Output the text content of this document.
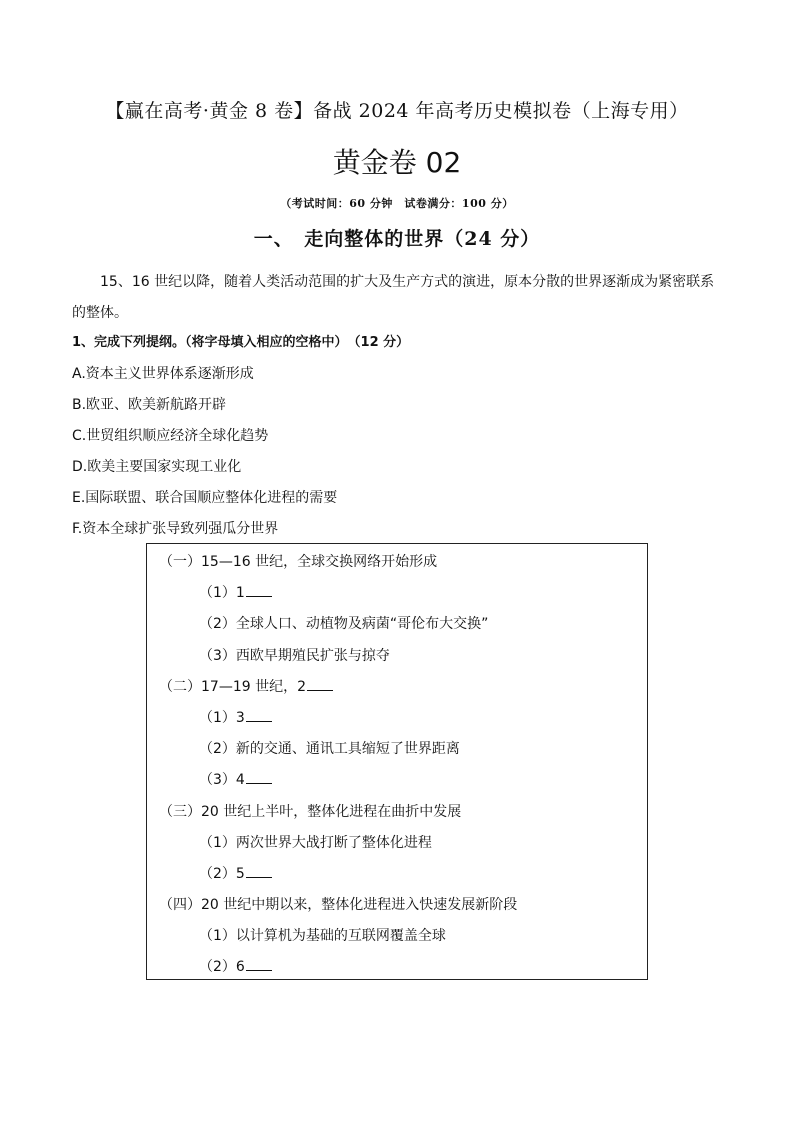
【赢在高考·黄金 8 卷】备战 2024 年高考历史模拟卷（上海专用）
黄金卷 02
（考试时间：60 分钟　试卷满分：100 分）
一、　走向整体的世界（24 分）
15、16 世纪以降，随着人类活动范围的扩大及生产方式的演进，原本分散的世界逐渐成为紧密联系的整体。
1、完成下列提纲。（将字母填入相应的空格中）　（12 分）
A.资本主义世界体系逐渐形成
B.欧亚、欧美新航路开辟
C.世贸组织顺应经济全球化趋势
D.欧美主要国家实现工业化
E.国际联盟、联合国顺应整体化进程的需要
F.资本全球扩张导致列强瓜分世界
（一）15—16 世纪，全球交换网络开始形成
（1）1
（2）全球人口、动植物及病菌“哥伦布大交换”
（3）西欧早期殖民扩张与掠夺
（二）17—19 世纪，2
（1）3
（2）新的交通、通讯工具缩短了世界距离
（3）4
（三）20 世纪上半叶，整体化进程在曲折中发展
（1）两次世界大战打断了整体化进程
（2）5
（四）20 世纪中期以来，整体化进程进入快速发展新阶段
（1）以计算机为基础的互联网覆盖全球
（2）6
